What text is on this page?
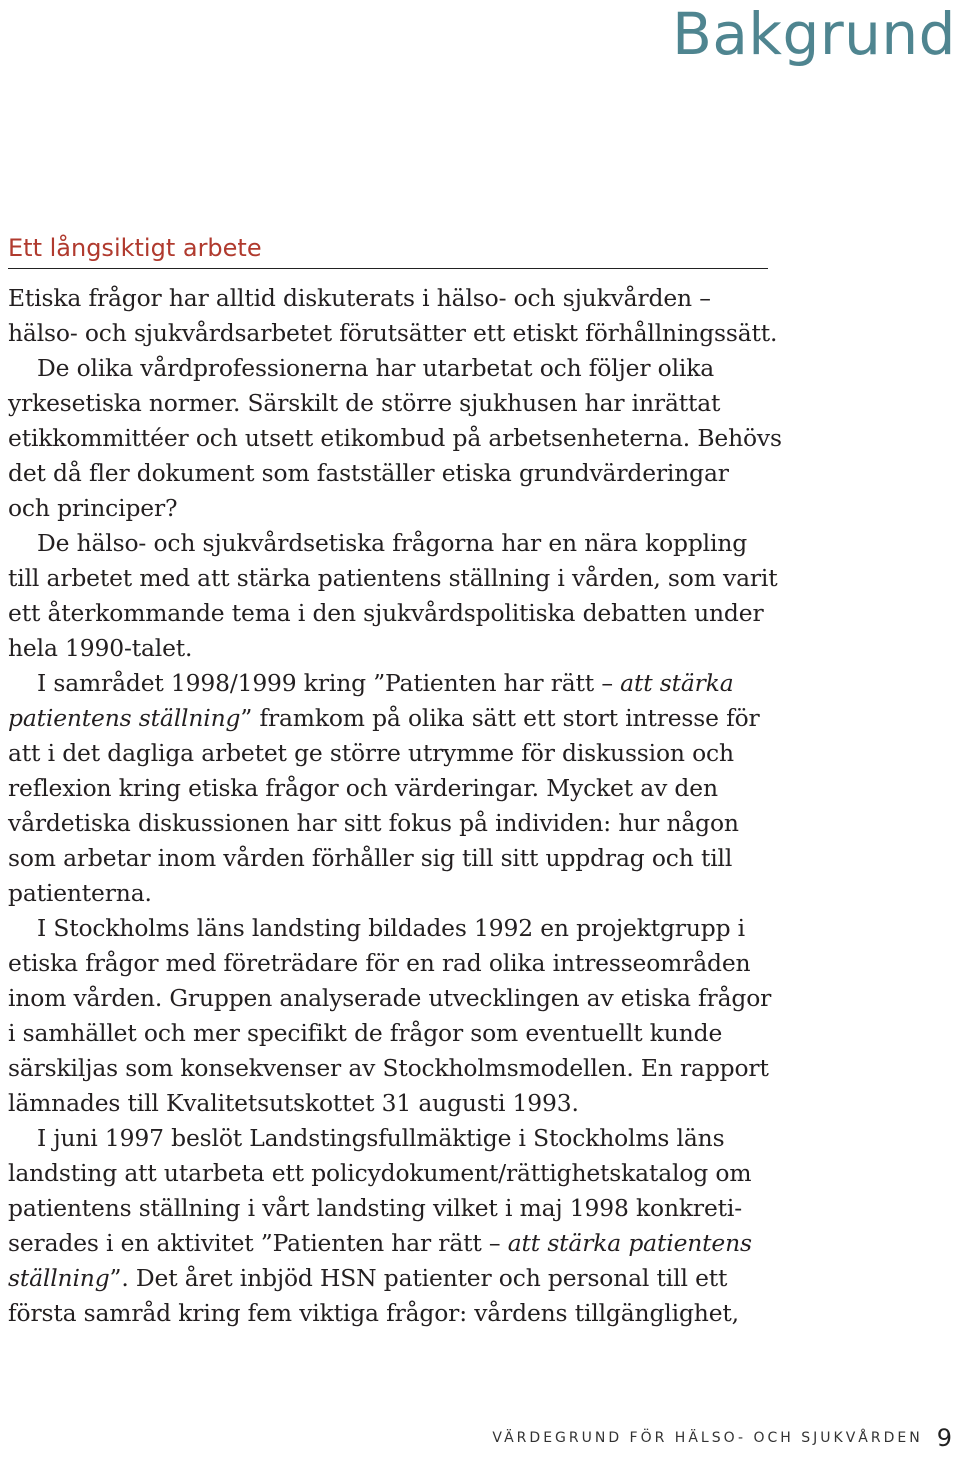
Bakgrund
Ett långsiktigt arbete
Etiska frågor har alltid diskuterats i hälso- och sjukvården –
hälso- och sjukvårdsarbetet förutsätter ett etiskt förhållningssätt.
De olika vårdprofessionerna har utarbetat och följer olika
yrkesetiska normer. Särskilt de större sjukhusen har inrättat
etikkommittéer och utsett etikombud på arbetsenheterna. Behövs
det då fler dokument som fastställer etiska grundvärderingar
och principer?
De hälso- och sjukvårdsetiska frågorna har en nära koppling
till arbetet med att stärka patientens ställning i vården, som varit
ett återkommande tema i den sjukvårdspolitiska debatten under
hela 1990-talet.
I samrådet 1998/1999 kring ”Patienten har rätt – att stärka
patientens ställning” framkom på olika sätt ett stort intresse för
att i det dagliga arbetet ge större utrymme för diskussion och
reflexion kring etiska frågor och värderingar. Mycket av den
vårdetiska diskussionen har sitt fokus på individen: hur någon
som arbetar inom vården förhåller sig till sitt uppdrag och till
patienterna.
I Stockholms läns landsting bildades 1992 en projektgrupp i
etiska frågor med företrädare för en rad olika intresseområden
inom vården. Gruppen analyserade utvecklingen av etiska frågor
i samhället och mer specifikt de frågor som eventuellt kunde
särskiljas som konsekvenser av Stockholmsmodellen. En rapport
lämnades till Kvalitetsutskottet 31 augusti 1993.
I juni 1997 beslöt Landstingsfullmäktige i Stockholms läns
landsting att utarbeta ett policydokument/rättighetskatalog om
patientens ställning i vårt landsting vilket i maj 1998 konkreti-
serades i en aktivitet ”Patienten har rätt – att stärka patientens
ställning”. Det året inbjöd HSN patienter och personal till ett
första samråd kring fem viktiga frågor: vårdens tillgänglighet,
VÄRDEGRUND FÖR HÄLSO- OCH SJUKVÅRDEN 9
